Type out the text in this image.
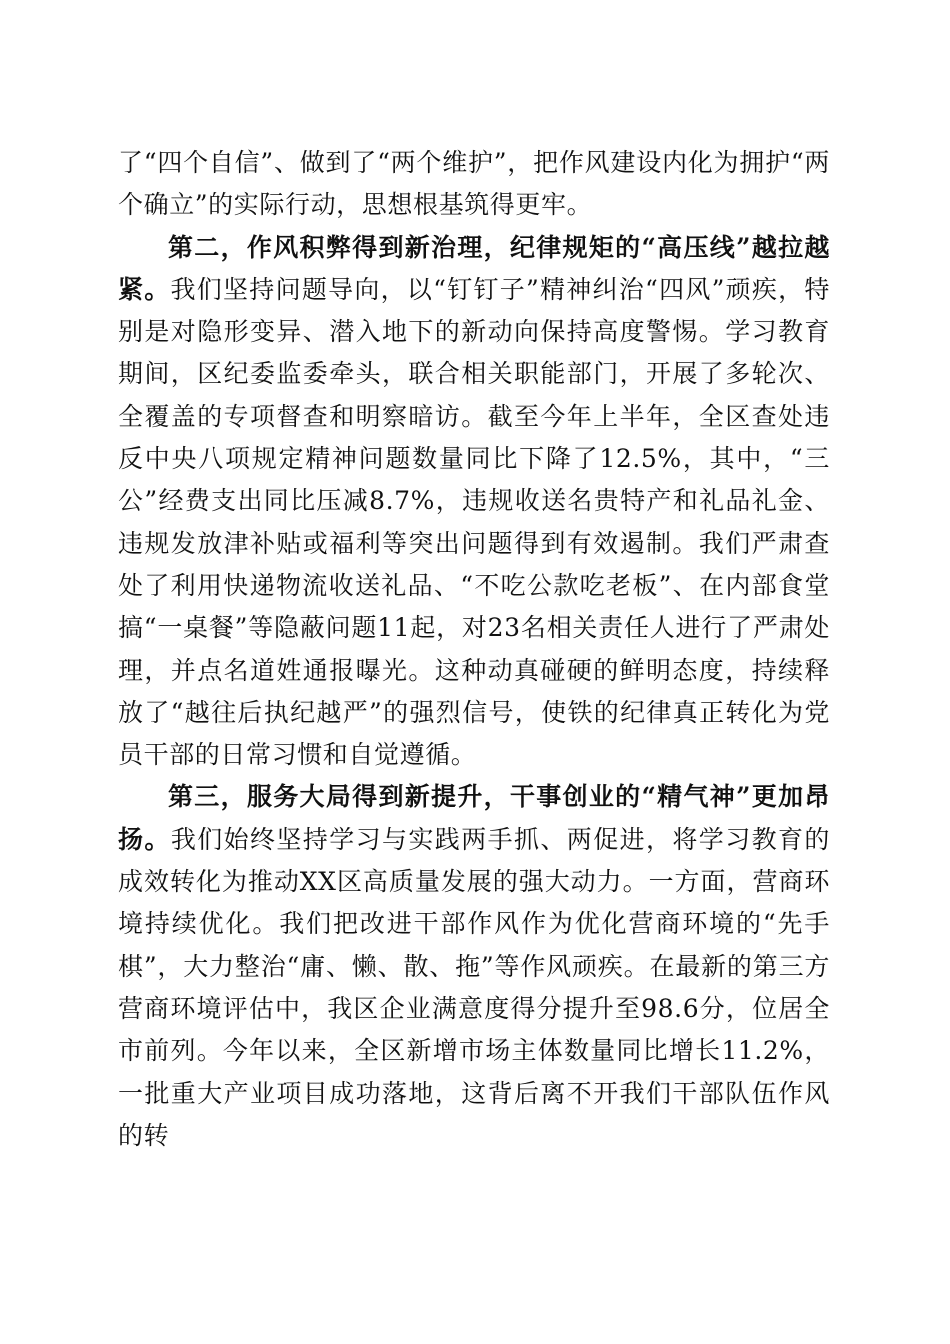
了“四个自信”、做到了“两个维护”，把作风建设内化为拥护“两个确立”的实际行动，思想根基筑得更牢。

第二，作风积弊得到新治理，纪律规矩的“高压线”越拉越紧。我们坚持问题导向，以“钉钉子”精神纠治“四风”顽疾，特别是对隐形变异、潜入地下的新动向保持高度警惕。学习教育期间，区纪委监委牵头，联合相关职能部门，开展了多轮次、全覆盖的专项督查和明察暗访。截至今年上半年，全区查处违反中央八项规定精神问题数量同比下降了12.5%，其中，“三公”经费支出同比压减8.7%，违规收送名贵特产和礼品礼金、违规发放津补贴或福利等突出问题得到有效遏制。我们严肃查处了利用快递物流收送礼品、“不吃公款吃老板”、在内部食堂搞“一桌餐”等隐蔽问题11起，对23名相关责任人进行了严肃处理，并点名道姓通报曝光。这种动真碰硬的鲜明态度，持续释放了“越往后执纪越严”的强烈信号，使铁的纪律真正转化为党员干部的日常习惯和自觉遵循。

第三，服务大局得到新提升，干事创业的“精气神”更加昂扬。我们始终坚持学习与实践两手抓、两促进，将学习教育的成效转化为推动XX区高质量发展的强大动力。一方面，营商环境持续优化。我们把改进干部作风作为优化营商环境的“先手棋”，大力整治“庸、懒、散、拖”等作风顽疾。在最新的第三方营商环境评估中，我区企业满意度得分提升至98.6分，位居全市前列。今年以来，全区新增市场主体数量同比增长11.2%，一批重大产业项目成功落地，这背后离不开我们干部队伍作风的转
